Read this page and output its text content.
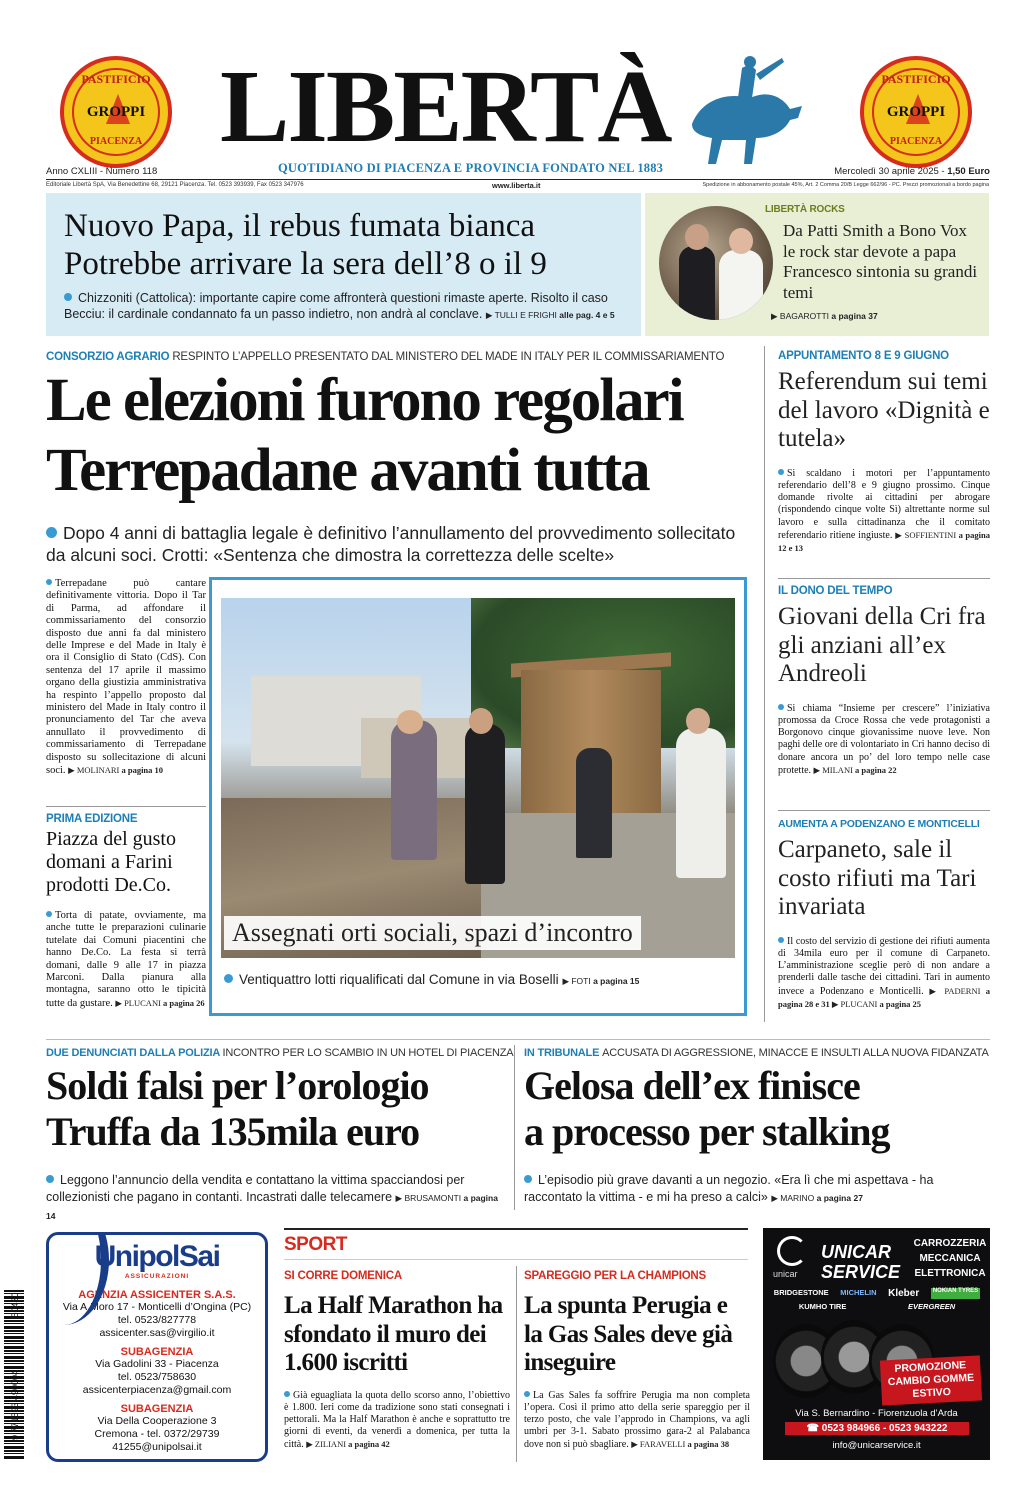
PASTIFICIO
GROPPI
PIACENZA
PASTIFICIO
GROPPI
PIACENZA
LIBERTÀ
QUOTIDIANO DI PIACENZA E PROVINCIA FONDATO NEL 1883
Anno CXLIII - Numero 118	Mercoledì 30 aprile 2025 - 1,50 Euro
Editoriale Libertà SpA, Via Benedettine 68, 29121 Piacenza. Tel. 0523 393939, Fax 0523 347976	www.liberta.it	Spedizione in abbonamento postale 45%, Art. 2 Comma 20/B Legge 662/96 - PC. Prezzi promozionali a bordo pagina
Nuovo Papa, il rebus fumata bianca
Potrebbe arrivare la sera dell’8 o il 9
Chizzoniti (Cattolica): importante capire come affronterà questioni rimaste aperte. Risolto il caso Becciu: il cardinale condannato fa un passo indietro, non andrà al conclave. ▶ TULLI E FRIGHI alle pag. 4 e 5
LIBERTÀ ROCKS
Da Patti Smith a Bono Vox le rock star devote a papa Francesco sintonia su grandi temi
▶ BAGAROTTI a pagina 37
CONSORZIO AGRARIO RESPINTO L’APPELLO PRESENTATO DAL MINISTERO DEL MADE IN ITALY PER IL COMMISSARIAMENTO
Le elezioni furono regolari
Terrepadane avanti tutta
Dopo 4 anni di battaglia legale è definitivo l’annullamento del provvedimento sollecitato da alcuni soci. Crotti: «Sentenza che dimostra la correttezza delle scelte»
Terrepadane può cantare definitivamente vittoria. Dopo il Tar di Parma, ad affondare il commissariamento del consorzio disposto due anni fa dal ministero delle Imprese e del Made in Italy è ora il Consiglio di Stato (CdS). Con sentenza del 17 aprile il massimo organo della giustizia amministrativa ha respinto l’appello proposto dal ministero del Made in Italy contro il pronunciamento del Tar che aveva annullato il provvedimento di commissariamento di Terrepadane disposto su sollecitazione di alcuni soci. ▶ MOLINARI a pagina 10
PRIMA EDIZIONE
Piazza del gusto domani a Farini prodotti De.Co.
Torta di patate, ovviamente, ma anche tutte le preparazioni culinarie tutelate dai Comuni piacentini che hanno De.Co. La festa si terrà domani, dalle 9 alle 17 in piazza Marconi. Dalla pianura alla montagna, saranno otto le tipicità tutte da gustare. ▶ PLUCANI a pagina 26
Assegnati orti sociali, spazi d’incontro
Ventiquattro lotti riqualificati dal Comune in via Boselli ▶ FOTI a pagina 15
APPUNTAMENTO 8 E 9 GIUGNO
Referendum sui temi del lavoro «Dignità e tutela»
Si scaldano i motori per l’appuntamento referendario dell’8 e 9 giugno prossimo. Cinque domande rivolte ai cittadini per abrogare (rispondendo cinque volte Sì) altrettante norme sul lavoro e sulla cittadinanza che il comitato referendario ritiene ingiuste. ▶ SOFFIENTINI a pagina 12 e 13
IL DONO DEL TEMPO
Giovani della Cri fra gli anziani all’ex Andreoli
Si chiama “Insieme per crescere” l’iniziativa promossa da Croce Rossa che vede protagonisti a Borgonovo cinque giovanissime nuove leve. Non paghi delle ore di volontariato in Cri hanno deciso di donare ancora un po’ del loro tempo nelle case protette. ▶ MILANI a pagina 22
AUMENTA A PODENZANO E MONTICELLI
Carpaneto, sale il costo rifiuti ma Tari invariata
Il costo del servizio di gestione dei rifiuti aumenta di 34mila euro per il comune di Carpaneto. L’amministrazione sceglie però di non andare a prenderli dalle tasche dei cittadini. Tari in aumento invece a Podenzano e Monticelli. ▶ PADERNI a pagina 28 e 31 ▶ PLUCANI a pagina 25
DUE DENUNCIATI DALLA POLIZIA INCONTRO PER LO SCAMBIO IN UN HOTEL DI PIACENZA
Soldi falsi per l’orologio
Truffa da 135mila euro
Leggono l’annuncio della vendita e contattano la vittima spacciandosi per collezionisti che pagano in contanti. Incastrati dalle telecamere ▶ BRUSAMONTI a pagina 14
IN TRIBUNALE ACCUSATA DI AGGRESSIONE, MINACCE E INSULTI ALLA NUOVA FIDANZATA
Gelosa dell’ex finisce
a processo per stalking
L’episodio più grave davanti a un negozio. «Era lì che mi aspettava - ha raccontato la vittima - e mi ha preso a calci» ▶ MARINO a pagina 27
9 771593 490004
50430
UnipolSai
ASSICURAZIONI
AGENZIA ASSICENTER S.A.S.
Via A.Moro 17 - Monticelli d’Ongina (PC)
tel. 0523/827778
assicenter.sas@virgilio.it
SUBAGENZIA
Via Gadolini 33 - Piacenza
tel. 0523/758630
assicenterpiacenza@gmail.com
SUBAGENZIA
Via Della Cooperazione 3
Cremona - tel. 0372/29739
41255@unipolsai.it
SPORT
SI CORRE DOMENICA
La Half Marathon ha sfondato il muro dei 1.600 iscritti
Già eguagliata la quota dello scorso anno, l’obiettivo è 1.800. Ieri come da tradizione sono stati consegnati i pettorali. Ma la Half Marathon è anche e soprattutto tre giorni di eventi, da venerdì a domenica, per tutta la città. ▶ ZILIANI a pagina 42
SPAREGGIO PER LA CHAMPIONS
La spunta Perugia e la Gas Sales deve già inseguire
La Gas Sales fa soffrire Perugia ma non completa l’opera. Così il primo atto della serie spareggio per il terzo posto, che vale l’approdo in Champions, va agli umbri per 3-1. Sabato prossimo gara-2 al Palabanca dove non si può sbagliare. ▶ FARAVELLI a pagina 38
unicar
UNICAR
SERVICE
CARROZZERIA
MECCANICA
ELETTRONICA
BRIDGESTONE MICHELIN Kleber	NOKIAN TYRES
KUMHO TIRE	EVERGREEN
PROMOZIONE CAMBIO GOMME ESTIVO
Via S. Bernardino - Fiorenzuola d’Arda
☎ 0523 984966 - 0523 943222
info@unicarservice.it
